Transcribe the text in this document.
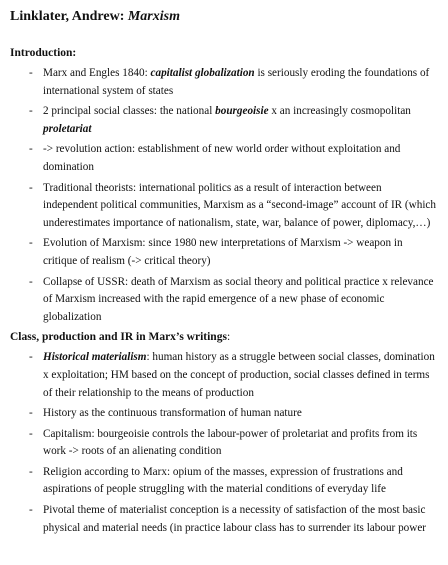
Linklater, Andrew: Marxism
Introduction:
- Marx and Engles 1840: capitalist globalization is seriously eroding the foundations of international system of states
- 2 principal social classes: the national bourgeoisie x an increasingly cosmopolitan proletariat
- -> revolution action: establishment of new world order without exploitation and domination
- Traditional theorists: international politics as a result of interaction between independent political communities, Marxism as a “second-image” account of IR (which underestimates importance of nationalism, state, war, balance of power, diplomacy,…)
- Evolution of Marxism: since 1980 new interpretations of Marxism -> weapon in critique of realism (-> critical theory)
- Collapse of USSR: death of Marxism as social theory and political practice x relevance of Marxism increased with the rapid emergence of a new phase of economic globalization
Class, production and IR in Marx’s writings:
- Historical materialism: human history as a struggle between social classes, domination x exploitation; HM based on the concept of production, social classes defined in terms of their relationship to the means of production
- History as the continuous transformation of human nature
- Capitalism: bourgeoisie controls the labour-power of proletariat and profits from its work -> roots of an alienating condition
- Religion according to Marx: opium of the masses, expression of frustrations and aspirations of people struggling with the material conditions of everyday life
- Pivotal theme of materialist conception is a necessity of satisfaction of the most basic physical and material needs (in practice labour class has to surrender its labour power
